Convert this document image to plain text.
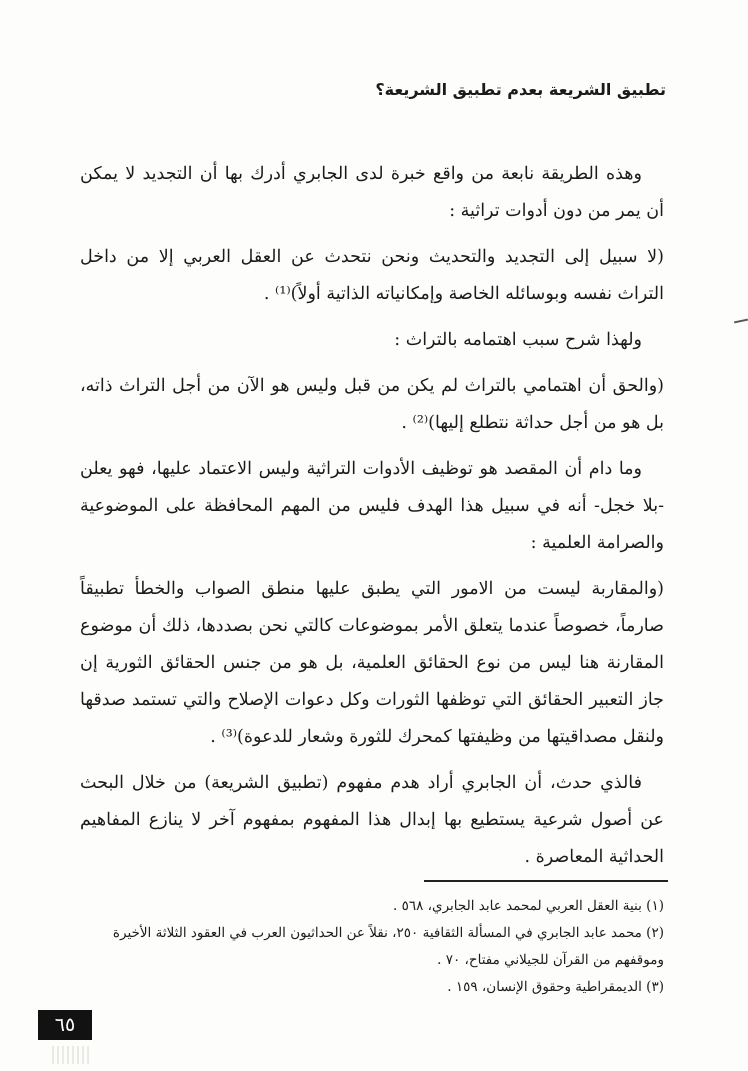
تطبيق الشريعة بعدم تطبيق الشريعة؟

وهذه الطريقة نابعة من واقع خبرة لدى الجابري أدرك بها أن التجديد لا يمكن أن يمر من دون أدوات تراثية :

(لا سبيل إلى التجديد والتحديث ونحن نتحدث عن العقل العربي إلا من داخل التراث نفسه وبوسائله الخاصة وإمكانياته الذاتية أولاً)⁽¹⁾ .

ولهذا شرح سبب اهتمامه بالتراث :

(والحق أن اهتمامي بالتراث لم يكن من قبل وليس هو الآن من أجل التراث ذاته، بل هو من أجل حداثة نتطلع إليها)⁽²⁾ .

وما دام أن المقصد هو توظيف الأدوات التراثية وليس الاعتماد عليها، فهو يعلن -بلا خجل- أنه في سبيل هذا الهدف فليس من المهم المحافظة على الموضوعية والصرامة العلمية :

(والمقاربة ليست من الامور التي يطبق عليها منطق الصواب والخطأ تطبيقاً صارماً، خصوصاً عندما يتعلق الأمر بموضوعات كالتي نحن بصددها، ذلك أن موضوع المقارنة هنا ليس من نوع الحقائق العلمية، بل هو من جنس الحقائق الثورية إن جاز التعبير الحقائق التي توظفها الثورات وكل دعوات الإصلاح والتي تستمد صدقها ولنقل مصداقيتها من وظيفتها كمحرك للثورة وشعار للدعوة)⁽³⁾ .

فالذي حدث، أن الجابري أراد هدم مفهوم (تطبيق الشريعة) من خلال البحث عن أصول شرعية يستطيع بها إبدال هذا المفهوم بمفهوم آخر لا ينازع المفاهيم الحداثية المعاصرة .

(١) بنية العقل العربي لمحمد عابد الجابري، ٥٦٨ .

(٢) محمد عابد الجابري في المسألة الثقافية ٢٥٠، نقلاً عن الحداثيون العرب في العقود الثلاثة الأخيرة وموقفهم من القرآن للجيلاني مفتاح، ٧٠ .

(٣) الديمقراطية وحقوق الإنسان، ١٥٩ .

٦٥
